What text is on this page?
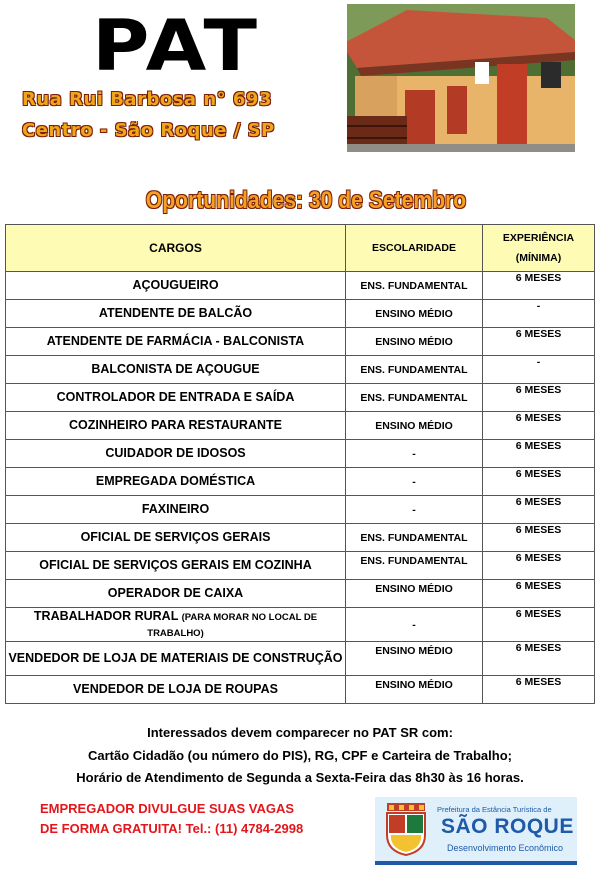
PAT
Rua Rui Barbosa n° 693
Centro - São Roque / SP
Oportunidades: 30 de Setembro
CARGOS	ESCOLARIDADE	EXPERIÊNCIA
(MÍNIMA)
AÇOUGUEIRO	ENS. FUNDAMENTAL	6 MESES
ATENDENTE DE BALCÃO	ENSINO MÉDIO	-
ATENDENTE DE FARMÁCIA - BALCONISTA	ENSINO MÉDIO	6 MESES
BALCONISTA DE AÇOUGUE	ENS. FUNDAMENTAL	-
CONTROLADOR DE ENTRADA E SAÍDA	ENS. FUNDAMENTAL	6 MESES
COZINHEIRO PARA RESTAURANTE	ENSINO MÉDIO	6 MESES
CUIDADOR DE IDOSOS	-	6 MESES
EMPREGADA DOMÉSTICA	-	6 MESES
FAXINEIRO	-	6 MESES
OFICIAL DE SERVIÇOS GERAIS	ENS. FUNDAMENTAL	6 MESES
OFICIAL DE SERVIÇOS GERAIS EM COZINHA	ENS. FUNDAMENTAL	6 MESES
OPERADOR DE CAIXA	ENSINO MÉDIO	6 MESES
TRABALHADOR RURAL (PARA MORAR NO LOCAL DE TRABALHO)	-	6 MESES
VENDEDOR DE LOJA DE MATERIAIS DE CONSTRUÇÃO	ENSINO MÉDIO	6 MESES
VENDEDOR DE LOJA DE ROUPAS	ENSINO MÉDIO	6 MESES
Interessados devem comparecer no PAT SR com:
Cartão Cidadão (ou número do PIS), RG, CPF e Carteira de Trabalho;
Horário de Atendimento de Segunda a Sexta-Feira das 8h30 às 16 horas.
EMPREGADOR DIVULGUE SUAS VAGAS
DE FORMA GRATUITA! Tel.: (11) 4784-2998
Prefeitura da Estância Turística de
SÃO ROQUE
Desenvolvimento Econômico
